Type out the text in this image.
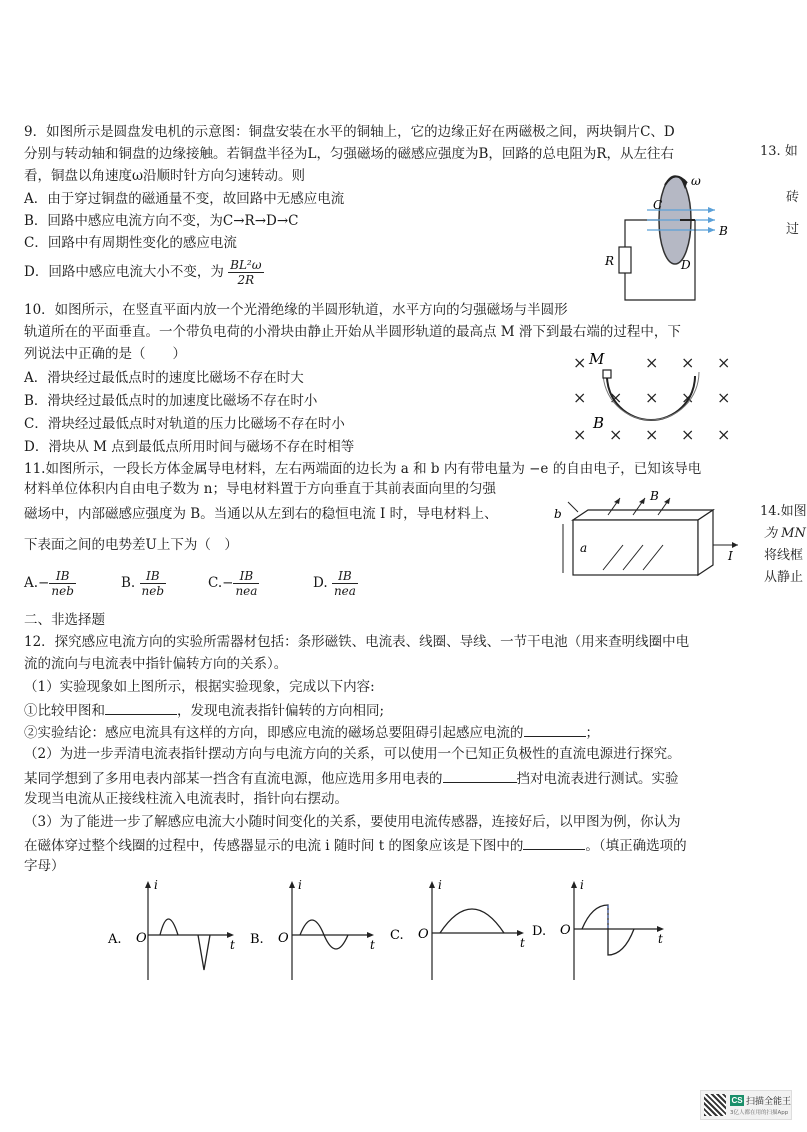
9．如图所示是圆盘发电机的示意图：铜盘安装在水平的铜轴上，它的边缘正好在两磁极之间，两块铜片C、D
分别与转动轴和铜盘的边缘接触。若铜盘半径为L，匀强磁场的磁感应强度为B，回路的总电阻为R，从左往右
看，铜盘以角速度ω沿顺时针方向匀速转动。则
A．由于穿过铜盘的磁通量不变，故回路中无感应电流
B．回路中感应电流方向不变，为C→R→D→C
C．回路中有周期性变化的感应电流
D．回路中感应电流大小不变，为 $\frac{\text{BL²ω}}{2R}$
ω
C
B
R	D
10．如图所示，在竖直平面内放一个光滑绝缘的半圆形轨道，水平方向的匀强磁场与半圆形
轨道所在的平面垂直。一个带负电荷的小滑块由静止开始从半圆形轨道的最高点 M 滑下到最右端的过程中，下
列说法中正确的是（　　）
A．滑块经过最低点时的速度比磁场不存在时大
B．滑块经过最低点时的加速度比磁场不存在时小
C．滑块经过最低点时对轨道的压力比磁场不存在时小
D．滑块从 M 点到最低点所用时间与磁场不存在时相等
×	× × ×
× × × × ×
× × × × ×
M
B
11.如图所示，一段长方体金属导电材料，左右两端面的边长为 a 和 b 内有带电量为 −e 的自由电子，已知该导电
材料单位体积内自由电子数为 n；导电材料置于方向垂直于其前表面向里的匀强
磁场中，内部磁感应强度为 B。当通以从左到右的稳恒电流 I 时，导电材料上、
下表面之间的电势差U上下为（　）
$A.- \frac{IB}{\text{neb}}$	B. $\frac{IB}{\text{neb}}$	$C.- \frac{IB}{\text{nea}}$	D. $\frac{IB}{\text{nea}}$
B
b
a
I
二、非选择题
12．探究感应电流方向的实验所需器材包括：条形磁铁、电流表、线圈、导线、一节干电池（用来查明线圈中电
流的流向与电流表中指针偏转方向的关系）。
（1）实验现象如上图所示，根据实验现象，完成以下内容:
①比较甲图和	，发现电流表指针偏转的方向相同;
②实验结论：感应电流具有这样的方向，即感应电流的磁场总要阻碍引起感应电流的	；
（2）为进一步弄清电流表指针摆动方向与电流方向的关系，可以使用一个已知正负极性的直流电源进行探究。
某同学想到了多用电表内部某一挡含有直流电源，他应选用多用电表的	挡对电流表进行测试。实验
发现当电流从正接线柱流入电流表时，指针向右摆动。
（3）为了能进一步了解感应电流大小随时间变化的关系，要使用电流传感器，连接好后，以甲图为例，你认为
在磁体穿过整个线圈的过程中，传感器显示的电流 i 随时间 t 的图象应该是下图中的	。（填正确选项的
字母）
A. O
i
t B. O
i
t
C. O
i
t
D. O
i
t
13. 如
砖
过
14.如图
为 MN
将线框
从静止
CS 扫描全能王
3亿人都在用的扫描App
